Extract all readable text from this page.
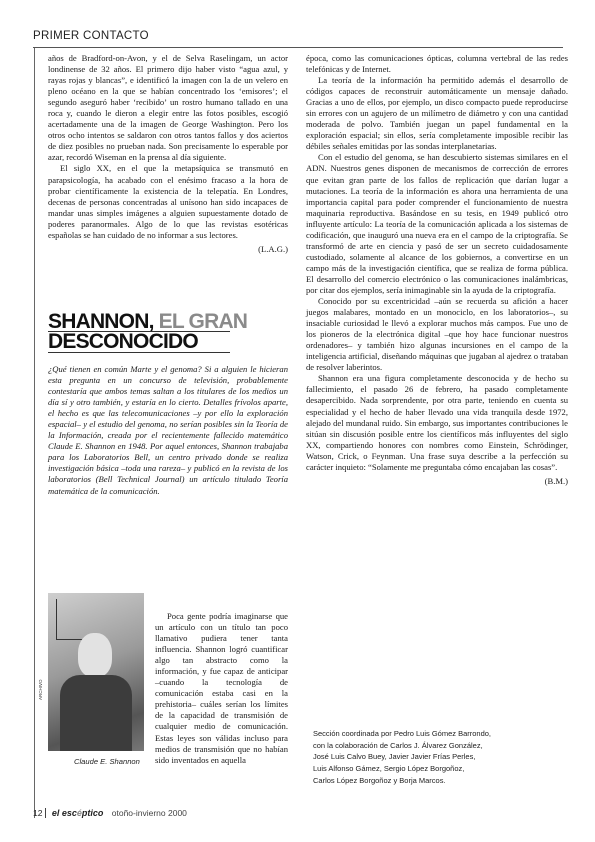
PRIMER CONTACTO

años de Bradford-on-Avon, y el de Selva Raselingam, un actor londinense de 32 años. El primero dijo haber visto “agua azul, y rayas rojas y blancas”, e identificó la imagen con la de un velero en pleno océano en la que se habían concentrado los ‘emisores’; el segundo aseguró haber ‘recibido’ un rostro humano tallado en una roca y, cuando le dieron a elegir entre las fotos posibles, escogió acertadamente una de la imagen de George Washington. Pero los otros ocho intentos se saldaron con otros tantos fallos y dos aciertos de diez posibles no prueban nada. Son precisamente lo esperable por azar, recordó Wiseman en la prensa al día siguiente.

El siglo XX, en el que la metapsíquica se transmutó en parapsicología, ha acabado con el enésimo fracaso a la hora de probar científicamente la existencia de la telepatía. En Londres, decenas de personas concentradas al unísono han sido incapaces de mandar unas simples imágenes a alguien supuestamente dotado de poderes paranormales. Algo de lo que las revistas esotéricas españolas se han cuidado de no informar a sus lectores.

(L.A.G.)

SHANNON, EL GRAN
DESCONOCIDO
¿Qué tienen en común Marte y el genoma? Si a alguien le hicieran esta pregunta en un concurso de televisión, probablemente contestaría que ambos temas saltan a los titulares de los medios un día sí y otro también, y estaría en lo cierto. Detalles frívolos aparte, el hecho es que las telecomunicaciones –y por ello la exploración espacial– y el estudio del genoma, no serían posibles sin la Teoría de la Información, creada por el recientemente fallecido matemático Claude E. Shannon en 1948. Por aquel entonces, Shannon trabajaba para los Laboratorios Bell, un centro privado donde se realiza investigación básica –toda una rareza– y publicó en la revista de los laboratorios (Bell Technical Journal) un artículo titulado Teoría matemática de la comunicación.
ARCHIVO
Claude E. Shannon

Poca gente podría imaginarse que un artículo con un título tan poco llamativo pudiera tener tanta influencia. Shannon logró cuantificar algo tan abstracto como la información, y fue capaz de anticipar –cuando la tecnología de comunicación estaba casi en la prehistoria– cuáles serían los límites de la capacidad de transmisión de cualquier medio de comunicación. Estas leyes son válidas incluso para medios de transmisión que no habían sido inventados en aquella

época, como las comunicaciones ópticas, columna vertebral de las redes telefónicas y de Internet.

La teoría de la información ha permitido además el desarrollo de códigos capaces de reconstruir automáticamente un mensaje dañado. Gracias a uno de ellos, por ejemplo, un disco compacto puede reproducirse sin errores con un agujero de un milímetro de diámetro y con una cantidad moderada de polvo. También juegan un papel fundamental en la exploración espacial; sin ellos, sería completamente imposible recibir las débiles señales emitidas por las sondas interplanetarias.

Con el estudio del genoma, se han descubierto sistemas similares en el ADN. Nuestros genes disponen de mecanismos de corrección de errores que evitan gran parte de los fallos de replicación que darían lugar a mutaciones. La teoría de la información es ahora una herramienta de una importancia capital para poder comprender el funcionamiento de nuestra maquinaria reproductiva. Basándose en su tesis, en 1949 publicó otro influyente artículo: La teoría de la comunicación aplicada a los sistemas de codificación, que inauguró una nueva era en el campo de la criptografía. Se transformó de arte en ciencia y pasó de ser un secreto cuidadosamente custodiado, solamente al alcance de los gobiernos, a convertirse en un campo más de la investigación científica, que se realiza de forma pública. El desarrollo del comercio electrónico o las comunicaciones inalámbricas, por citar dos ejemplos, sería inimaginable sin la ayuda de la criptografía.

Conocido por su excentricidad –aún se recuerda su afición a hacer juegos malabares, montado en un monociclo, en los laboratorios–, su insaciable curiosidad le llevó a explorar muchos más campos. Fue uno de los pioneros de la electrónica digital –que hoy hace funcionar nuestros ordenadores– y también hizo algunas incursiones en el campo de la inteligencia artificial, diseñando máquinas que jugaban al ajedrez o trataban de resolver laberintos.

Shannon era una figura completamente desconocida y de hecho su fallecimiento, el pasado 26 de febrero, ha pasado completamente desapercibido. Nada sorprendente, por otra parte, teniendo en cuenta su especialidad y el hecho de haber llevado una vida tranquila desde 1972, alejado del mundanal ruido. Sin embargo, sus importantes contribuciones le sitúan sin discusión posible entre los científicos más influyentes del siglo XX, compartiendo honores con nombres como Einstein, Schrödinger, Watson, Crick, o Feynman. Una frase suya describe a la perfección su carácter inquieto: “Solamente me preguntaba cómo encajaban las cosas”.

(B.M.)

Sección coordinada por Pedro Luis Gómez Barrondo,
con la colaboración de Carlos J. Álvarez González,
José Luis Calvo Buey, Javier Javier Frías Perles,
Luis Alfonso Gámez, Sergio López Borgoñoz,
Carlos López Borgoñoz y Borja Marcos.
12 el escéptico otoño-invierno 2000
